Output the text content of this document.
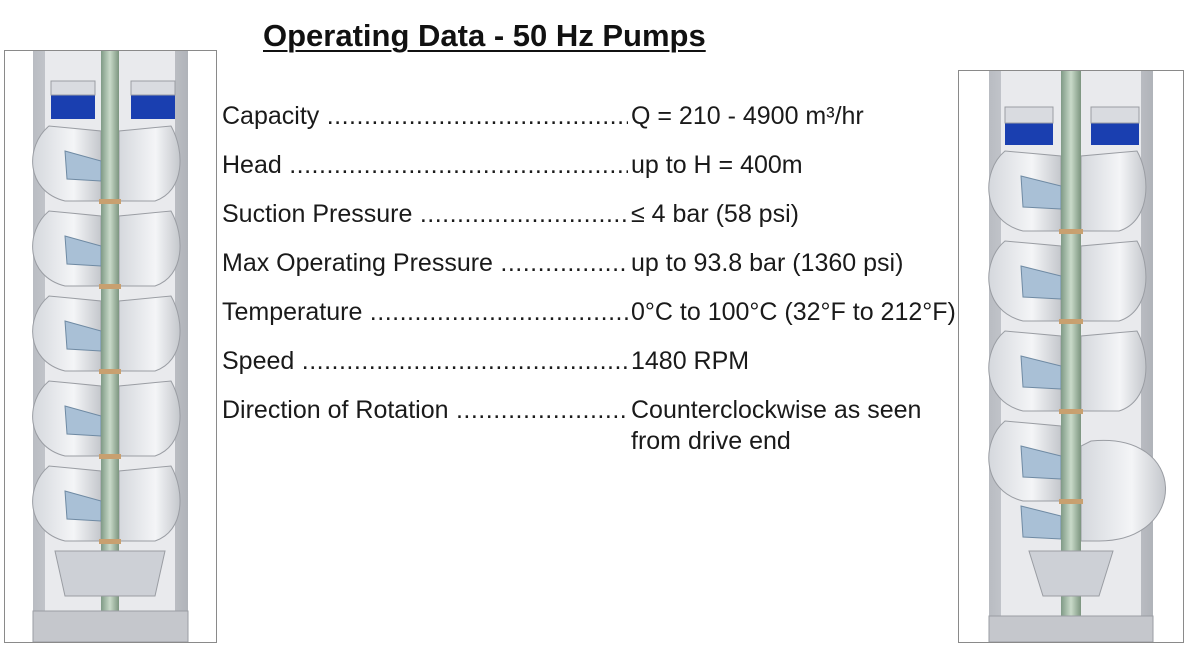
Operating Data - 50 Hz Pumps
Capacity .....	Q = 210 - 4900 m³/hr
Head .....	up to H = 400m
Suction Pressure .....	≤ 4 bar (58 psi)
Max Operating Pressure .....	up to 93.8 bar (1360 psi)
Temperature .....	0°C to 100°C (32°F to 212°F)
Speed .....	1480 RPM
Direction of Rotation .....	Counterclockwise as seen
from drive end
